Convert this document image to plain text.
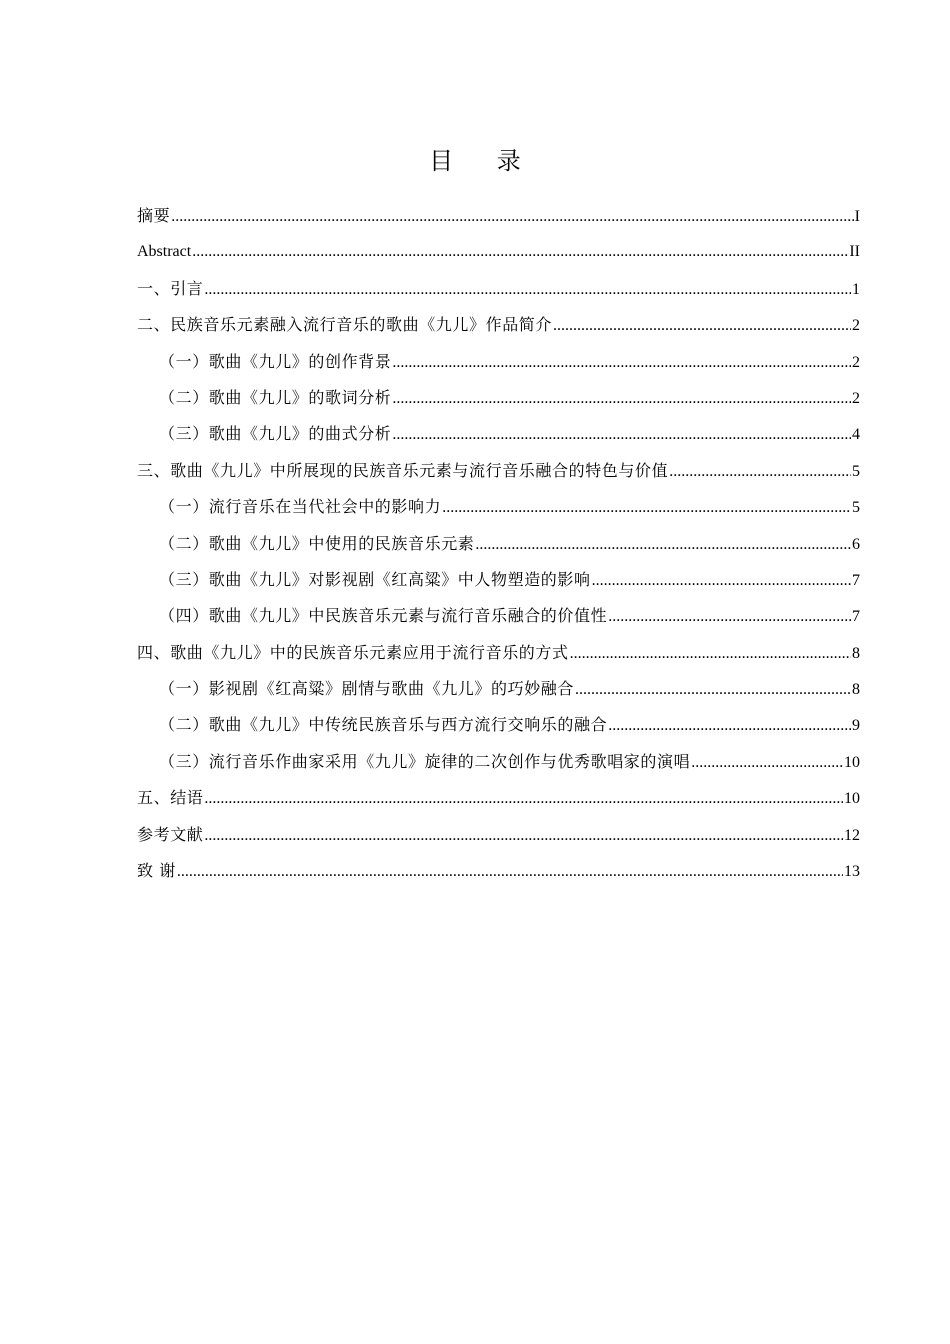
目 录
摘要 .....	I
Abstract .....	II
一、引言 .....	1
二、民族音乐元素融入流行音乐的歌曲《九儿》作品简介 .....	2
（一）歌曲《九儿》的创作背景 .....	2
（二）歌曲《九儿》的歌词分析 .....	2
（三）歌曲《九儿》的曲式分析 .....	4
三、歌曲《九儿》中所展现的民族音乐元素与流行音乐融合的特色与价值 .....	5
（一）流行音乐在当代社会中的影响力 .....	5
（二）歌曲《九儿》中使用的民族音乐元素 .....	6
（三）歌曲《九儿》对影视剧《红高粱》中人物塑造的影响 .....	7
（四）歌曲《九儿》中民族音乐元素与流行音乐融合的价值性 .....	7
四、歌曲《九儿》中的民族音乐元素应用于流行音乐的方式 .....	8
（一）影视剧《红高粱》剧情与歌曲《九儿》的巧妙融合 .....	8
（二）歌曲《九儿》中传统民族音乐与西方流行交响乐的融合 .....	9
（三）流行音乐作曲家采用《九儿》旋律的二次创作与优秀歌唱家的演唱 .....	10
五、结语 .....	10
参考文献 .....	12
致 谢 .....	13
